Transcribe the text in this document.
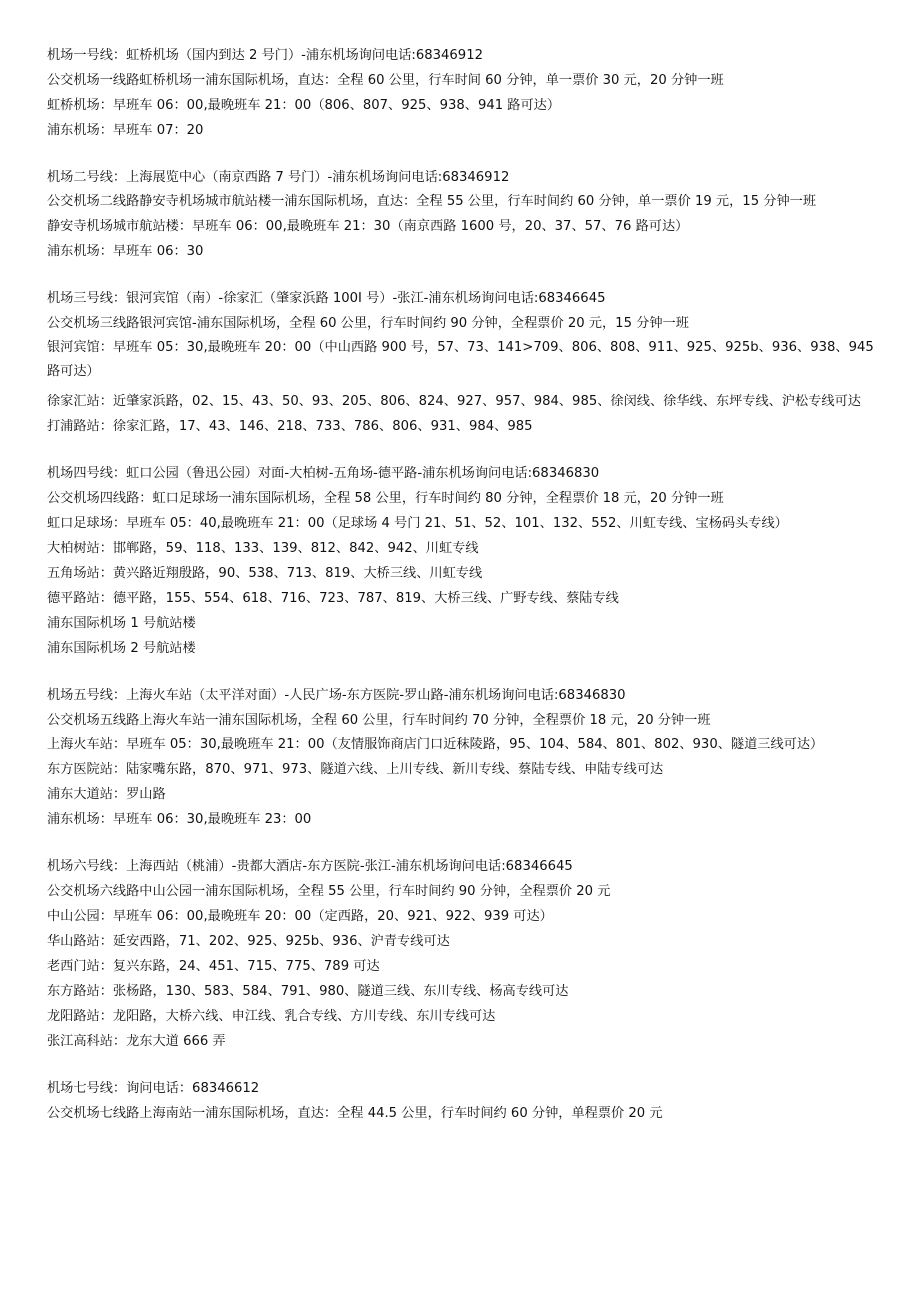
机场一号线：虹桥机场（国内到达 2 号门）-浦东机场询问电话:68346912
公交机场一线路虹桥机场一浦东国际机场，直达：全程 60 公里，行车时间 60 分钟，单一票价 30 元，20 分钟一班
虹桥机场：早班车 06：00,最晚班车 21：00（806、807、925、938、941 路可达）
浦东机场：早班车 07：20
机场二号线：上海展览中心（南京西路 7 号门）-浦东机场询问电话:68346912
公交机场二线路静安寺机场城市航站楼一浦东国际机场，直达：全程 55 公里，行车时间约 60 分钟，单一票价 19 元，15 分钟一班
静安寺机场城市航站楼：早班车 06：00,最晚班车 21：30（南京西路 1600 号，20、37、57、76 路可达）
浦东机场：早班车 06：30
机场三号线：银河宾馆（南）-徐家汇（肇家浜路 100I 号）-张江-浦东机场询问电话:68346645
公交机场三线路银河宾馆-浦东国际机场，全程 60 公里，行车时间约 90 分钟，全程票价 20 元，15 分钟一班
银河宾馆：早班车 05：30,最晚班车 20：00（中山西路 900 号，57、73、141>709、806、808、911、925、925b、936、938、945 路可达）
徐家汇站：近肇家浜路，02、15、43、50、93、205、806、824、927、957、984、985、徐闵线、徐华线、东坪专线、沪松专线可达
打浦路站：徐家汇路，17、43、146、218、733、786、806、931、984、985
机场四号线：虹口公园（鲁迅公园）对面-大柏树-五角场-德平路-浦东机场询问电话:68346830
公交机场四线路：虹口足球场一浦东国际机场，全程 58 公里，行车时间约 80 分钟，全程票价 18 元，20 分钟一班
虹口足球场：早班车 05：40,最晚班车 21：00（足球场 4 号门 21、51、52、101、132、552、川虹专线、宝杨码头专线）
大柏树站：邯郸路，59、118、133、139、812、842、942、川虹专线
五角场站：黄兴路近翔殷路，90、538、713、819、大桥三线、川虹专线
德平路站：德平路，155、554、618、716、723、787、819、大桥三线、广野专线、蔡陆专线
浦东国际机场 1 号航站楼
浦东国际机场 2 号航站楼
机场五号线：上海火车站（太平洋对面）-人民广场-东方医院-罗山路-浦东机场询问电话:68346830
公交机场五线路上海火车站一浦东国际机场，全程 60 公里，行车时间约 70 分钟，全程票价 18 元，20 分钟一班
上海火车站：早班车 05：30,最晚班车 21：00（友情服饰商店门口近秣陵路，95、104、584、801、802、930、隧道三线可达）
东方医院站：陆家嘴东路，870、971、973、隧道六线、上川专线、新川专线、蔡陆专线、申陆专线可达
浦东大道站：罗山路
浦东机场：早班车 06：30,最晚班车 23：00
机场六号线：上海西站（桃浦）-贵都大酒店-东方医院-张江-浦东机场询问电话:68346645
公交机场六线路中山公园一浦东国际机场，全程 55 公里，行车时间约 90 分钟，全程票价 20 元
中山公园：早班车 06：00,最晚班车 20：00（定西路，20、921、922、939 可达）
华山路站：延安西路，71、202、925、925b、936、沪青专线可达
老西门站：复兴东路，24、451、715、775、789 可达
东方路站：张杨路，130、583、584、791、980、隧道三线、东川专线、杨高专线可达
龙阳路站：龙阳路，大桥六线、申江线、乳合专线、方川专线、东川专线可达
张江高科站：龙东大道 666 弄
机场七号线：询问电话：68346612
公交机场七线路上海南站一浦东国际机场，直达：全程 44.5 公里，行车时间约 60 分钟，单程票价 20 元
